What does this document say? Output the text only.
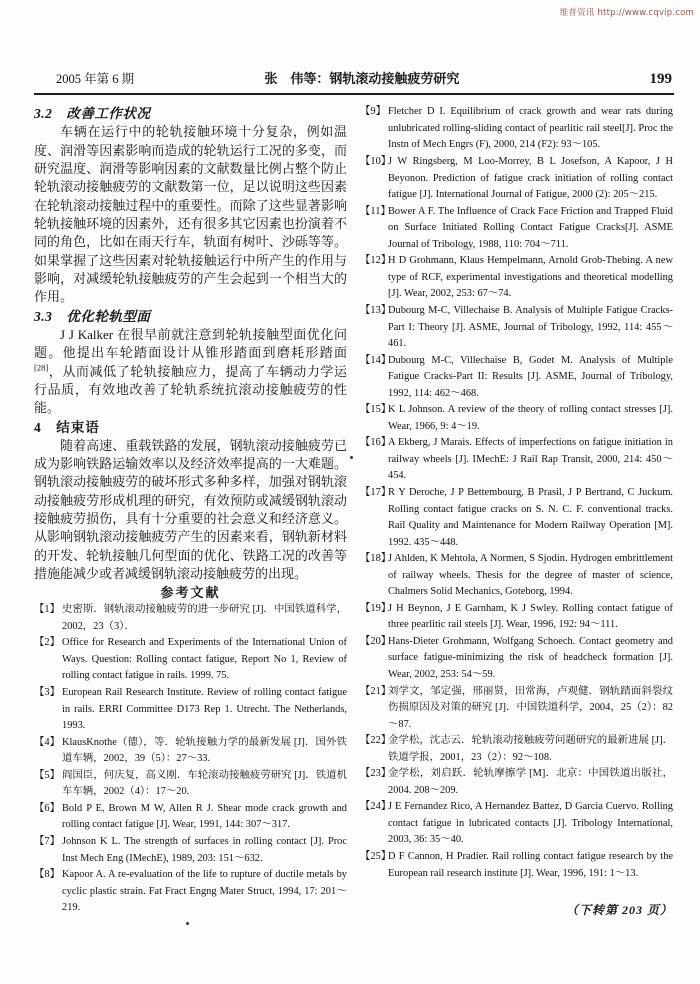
维普资讯 http://www.cqvip.com
2005 年第 6 期	张　伟等：钢轨滚动接触疲劳研究	199

3.2　改善工作状况

车辆在运行中的轮轨接触环境十分复杂，例如温度、润滑等因素影响而造成的轮轨运行工况的多变，而研究温度、润滑等影响因素的文献数量比例占整个防止轮轨滚动接触疲劳的文献数第一位，足以说明这些因素在轮轨滚动接触过程中的重要性。而除了这些显著影响轮轨接触环境的因素外，还有很多其它因素也扮演着不同的角色，比如在雨天行车，轨面有树叶、沙砾等等。如果掌握了这些因素对轮轨接触运行中所产生的作用与影响，对减缓轮轨接触疲劳的产生会起到一个相当大的作用。

3.3　优化轮轨型面

J J Kalker 在很早前就注意到轮轨接触型面优化问题。他提出车轮踏面设计从锥形踏面到磨耗形踏面[28]，从而减低了轮轨接触应力，提高了车辆动力学运行品质，有效地改善了轮轨系统抗滚动接触疲劳的性能。

4　结束语

随着高速、重载铁路的发展，钢轨滚动接触疲劳已成为影响铁路运输效率以及经济效率提高的一大难题。钢轨滚动接触疲劳的破坏形式多种多样，加强对钢轨滚动接触疲劳形成机理的研究，有效预防或减缓钢轨滚动接触疲劳损伤，具有十分重要的社会意义和经济意义。从影响钢轨滚动接触疲劳产生的因素来看，钢轨新材料的开发、轮轨接触几何型面的优化、铁路工况的改善等措施能减少或者减缓钢轨滚动接触疲劳的出现。

参考文献

【1】 史密斯．钢轨滚动接触疲劳的进一步研究 [J]．中国铁道科学，2002，23（3）．
【2】 Office for Research and Experiments of the International Union of Ways. Question: Rolling contact fatigue, Report No 1, Review of rolling contact fatigue in rails. 1999. 75.
【3】 European Rail Research Institute. Review of rolling contact fatigue in rails. ERRI Committee D173 Rep 1. Utrecht. The Netherlands, 1993.
【4】 KlausKnothe（德），等．轮轨接触力学的最新发展 [J]．国外铁道车辆，2002，39（5）：27～33.
【5】 阎国臣，何庆复，高义刚．车轮滚动接触疲劳研究 [J]．铁道机车车辆，2002（4）：17～20.
【6】 Bold P E, Brown M W, Allen R J. Shear mode crack growth and rolling contact fatigue [J]. Wear, 1991, 144: 307～317.
【7】 Johnson K L. The strength of surfaces in rolling contact [J]. Proc Inst Mech Eng (IMechE), 1989, 203: 151～632.
【8】 Kapoor A. A re-evaluation of the life to rupture of ductile metals by cyclic plastic strain. Fat Fract Engng Mater Struct, 1994, 17: 201～219.
【9】 Fletcher D I. Equilibrium of crack growth and wear rats during unlubricated rolling-sliding contact of pearlitic rail steel[J]. Proc the Instn of Mech Engrs (F), 2000, 214 (F2): 93～105.
【10】
J W Ringsberg, M Loo-Morrey, B L Josefson, A Kapoor, J H Beyonon. Prediction of fatigue crack initiation of rolling contact fatigue [J]. International Journal of Fatigue, 2000 (2): 205～215.
【11】
Bower A F. The Influence of Crack Face Friction and Trapped Fluid on Surface Initiated Rolling Contact Fatigue Cracks[J]. ASME Journal of Tribology, 1988, 110: 704～711.
【12】
H D Grohmann, Klaus Hempelmann, Arnold Grob-Thebing. A new type of RCF, experimental investigations and theoretical modelling [J]. Wear, 2002, 253: 67～74.
【13】
Dubourg M-C, Villechaise B. Analysis of Multiple Fatigue Cracks-Part I: Theory [J]. ASME, Journal of Tribology, 1992, 114: 455～461.
【14】
Dubourg M-C, Villechaise B, Godet M. Analysis of Multiple Fatigue Cracks-Part II: Results [J]. ASME, Journal of Tribology, 1992, 114: 462～468.
【15】
K L Johnson. A review of the theory of rolling contact stresses [J]. Wear, 1966, 9: 4～19.
【16】
A Ekberg, J Marais. Effects of imperfections on fatigue initiation in railway wheels [J]. IMechE: J Rail Rap Transit, 2000, 214: 450～454.
【17】
R Y Deroche, J P Bettembourg, B Prasil, J P Bertrand, C Juckum. Rolling contact fatigue cracks on S. N. C. F. conventional tracks. Rail Quality and Maintenance for Modern Railway Operation [M]. 1992. 435～448.
【18】
J Ahlden, K Mehtola, A Normen, S Sjodin. Hydrogen embrittlement of railway wheels. Thesis for the degree of master of science, Chalmers Solid Mechanics, Goteborg, 1994.
【19】
J H Beynon, J E Garnham, K J Swley. Rolling contact fatigue of three pearlitic rail steels [J]. Wear, 1996, 192: 94～111.
【20】
Hans-Dieter Grohmann, Wolfgang Schoech. Contact geometry and surface fatigue-minimizing the risk of headcheck formation [J]. Wear, 2002, 253: 54～59.
【21】
刘学文，邹定强，邢丽贤，田常海，卢观健．钢轨踏面斜裂纹伤损原因及对策的研究 [J]．中国铁道科学，2004，25（2）：82～87.
【22】
金学松，沈志云．轮轨滚动接触疲劳问题研究的最新进展 [J]．铁道学报，2001，23（2）：92～108.
【23】
金学松，刘启跃．轮轨摩擦学 [M]．北京：中国铁道出版社，2004. 208～209.
【24】
J E Fernandez Rico, A Hernandez Battez, D Garcia Cuervo. Rolling contact fatigue in lubricated contacts [J]. Tribology International, 2003, 36: 35～40.
【25】
D F Cannon, H Pradier. Rail rolling contact fatigue research by the European rail research institute [J]. Wear, 1996, 191: 1～13.
（下转第 203 页）
